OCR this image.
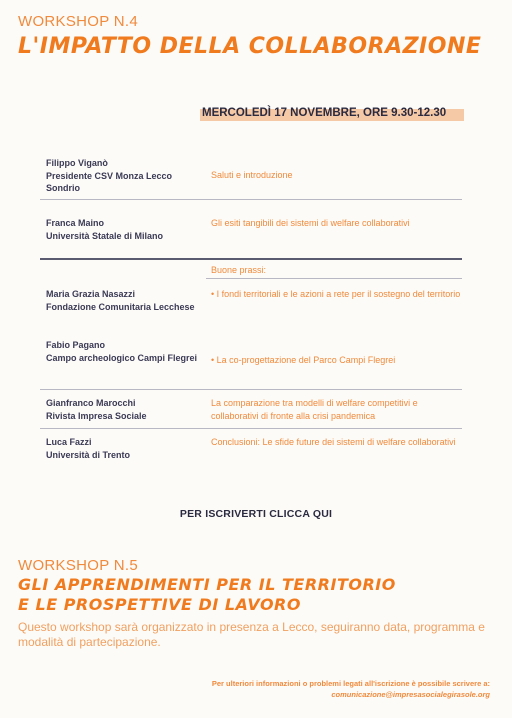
WORKSHOP N.4
L'IMPATTO DELLA COLLABORAZIONE
MERCOLEDÌ 17 NOVEMBRE, ORE 9.30-12.30
Filippo Viganò
Presidente CSV Monza Lecco Sondrio
Saluti e introduzione
Franca Maino
Università Statale di Milano
Gli esiti tangibili dei sistemi di welfare collaborativi
Buone prassi:
Maria Grazia Nasazzi
Fondazione Comunitaria Lecchese
• I fondi territoriali e le azioni a rete per il sostegno del territorio
Fabio Pagano
Campo archeologico Campi Flegrei	• La co-progettazione del Parco Campi Flegrei
Gianfranco Marocchi
Rivista Impresa Sociale
La comparazione tra modelli di welfare competitivi e collaborativi di fronte alla crisi pandemica
Luca Fazzi
Università di Trento
Conclusioni: Le sfide future dei sistemi di welfare collaborativi
PER ISCRIVERTI CLICCA QUI
WORKSHOP N.5
GLI APPRENDIMENTI PER IL TERRITORIO
E LE PROSPETTIVE DI LAVORO
Questo workshop sarà organizzato in presenza a Lecco, seguiranno data, programma e modalità di partecipazione.
Per ulteriori informazioni o problemi legati all'iscrizione è possibile scrivere a:
comunicazione@impresasocialegirasole.org
